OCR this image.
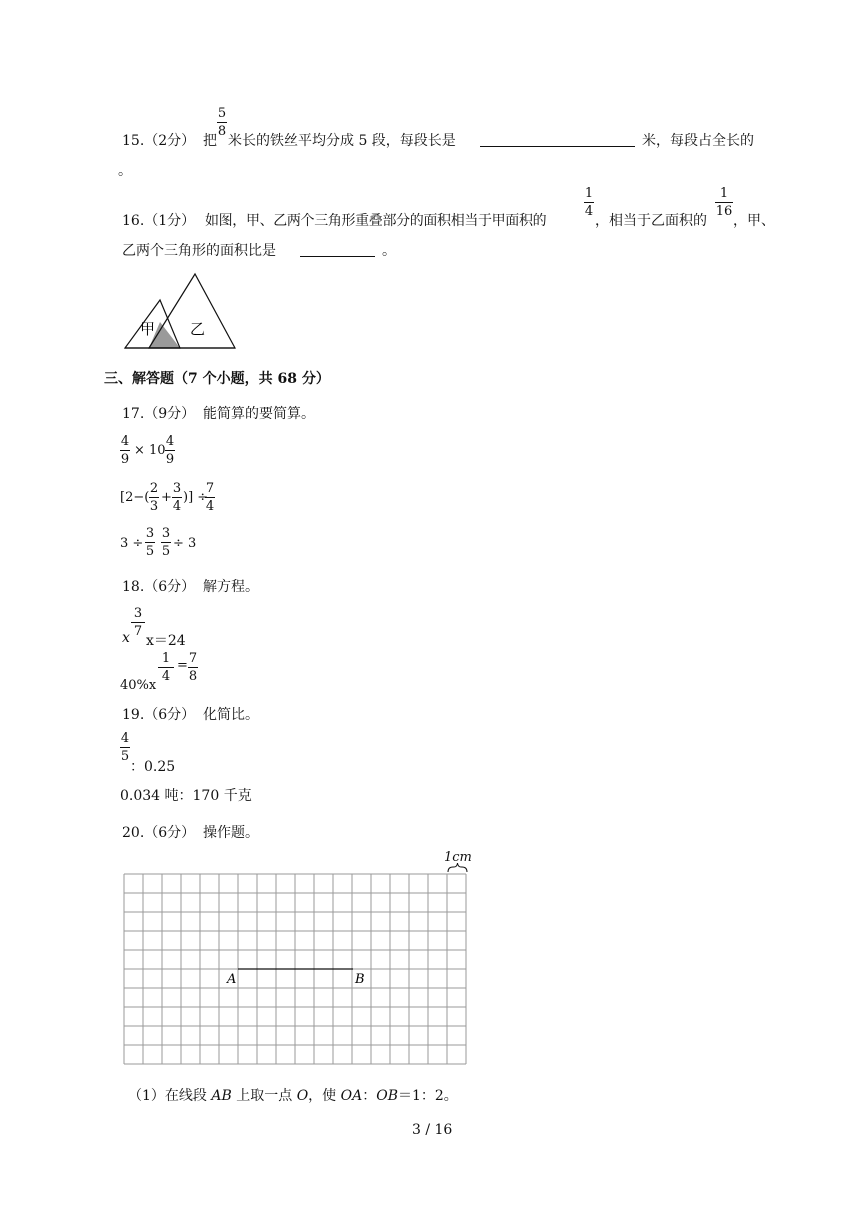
5
8
15.（2分） 把 米长的铁丝平均分成 5 段，每段长是	米，每段占全长的
。
1
4
1
16
16.（1分） 如图，甲、乙两个三角形重叠部分的面积相当于甲面积的	，相当于乙面积的 ，甲、
乙两个三角形的面积比是	。
甲 乙
三、解答题（7 个小题，共 68 分）
17.（9分） 能简算的要简算。
4
9
× 10
4
9
[2−(
2
3
+
3
4
)] ÷
7
4
3 ÷
3
5
3
5
÷ 3
18.（6分） 解方程。
x
3
7
x＝24
40%x
1
4
= 7
8
19.（6分） 化简比。
4
5
：0.25
0.034 吨：170 千克
20.（6分） 操作题。
1cm
A	B
（1）在线段 AB 上取一点 O，使 OA：OB＝1：2。
3 / 16
